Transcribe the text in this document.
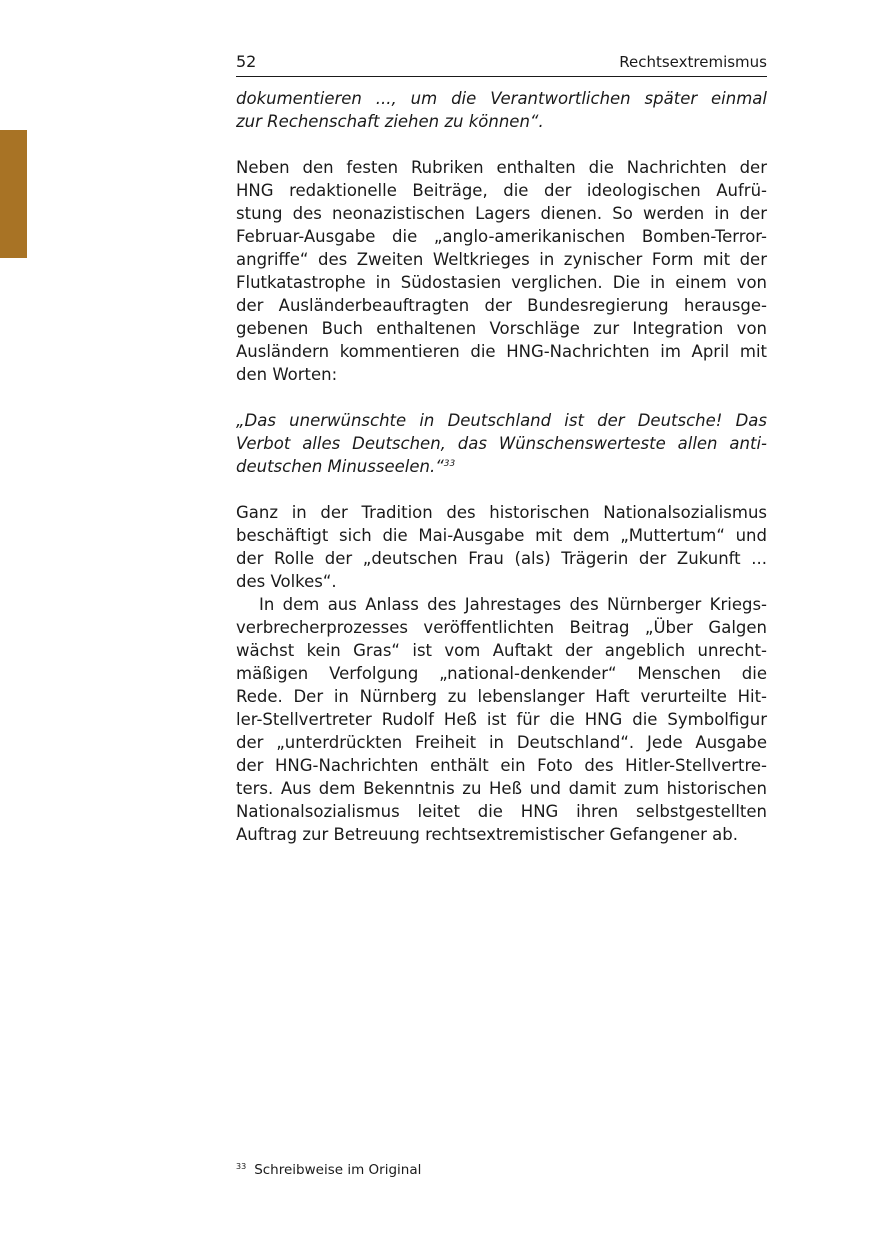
52	Rechtsextremismus
dokumentieren ..., um die Verantwortlichen später einmal
zur Rechenschaft ziehen zu können“.
Neben den festen Rubriken enthalten die Nachrichten der
HNG redaktionelle Beiträge, die der ideologischen Aufrü-
stung des neonazistischen Lagers dienen. So werden in der
Februar-Ausgabe die „anglo-amerikanischen Bomben-Terror-
angriffe“ des Zweiten Weltkrieges in zynischer Form mit der
Flutkatastrophe in Südostasien verglichen. Die in einem von
der Ausländerbeauftragten der Bundesregierung herausge-
gebenen Buch enthaltenen Vorschläge zur Integration von
Ausländern kommentieren die HNG-Nachrichten im April mit
den Worten:
„Das unerwünschte in Deutschland ist der Deutsche! Das
Verbot alles Deutschen, das Wünschenswerteste allen anti-
deutschen Minusseelen.“$^{33}$
Ganz in der Tradition des historischen Nationalsozialismus
beschäftigt sich die Mai-Ausgabe mit dem „Muttertum“ und
der Rolle der „deutschen Frau (als) Trägerin der Zukunft ...
des Volkes“.
In dem aus Anlass des Jahrestages des Nürnberger Kriegs-
verbrecherprozesses veröffentlichten Beitrag „Über Galgen
wächst kein Gras“ ist vom Auftakt der angeblich unrecht-
mäßigen Verfolgung „national-denkender“ Menschen die
Rede. Der in Nürnberg zu lebenslanger Haft verurteilte Hit-
ler-Stellvertreter Rudolf Heß ist für die HNG die Symbolfigur
der „unterdrückten Freiheit in Deutschland“. Jede Ausgabe
der HNG-Nachrichten enthält ein Foto des Hitler-Stellvertre-
ters. Aus dem Bekenntnis zu Heß und damit zum historischen
Nationalsozialismus leitet die HNG ihren selbstgestellten
Auftrag zur Betreuung rechtsextremistischer Gefangener ab.
$^{33}$ Schreibweise im Original
